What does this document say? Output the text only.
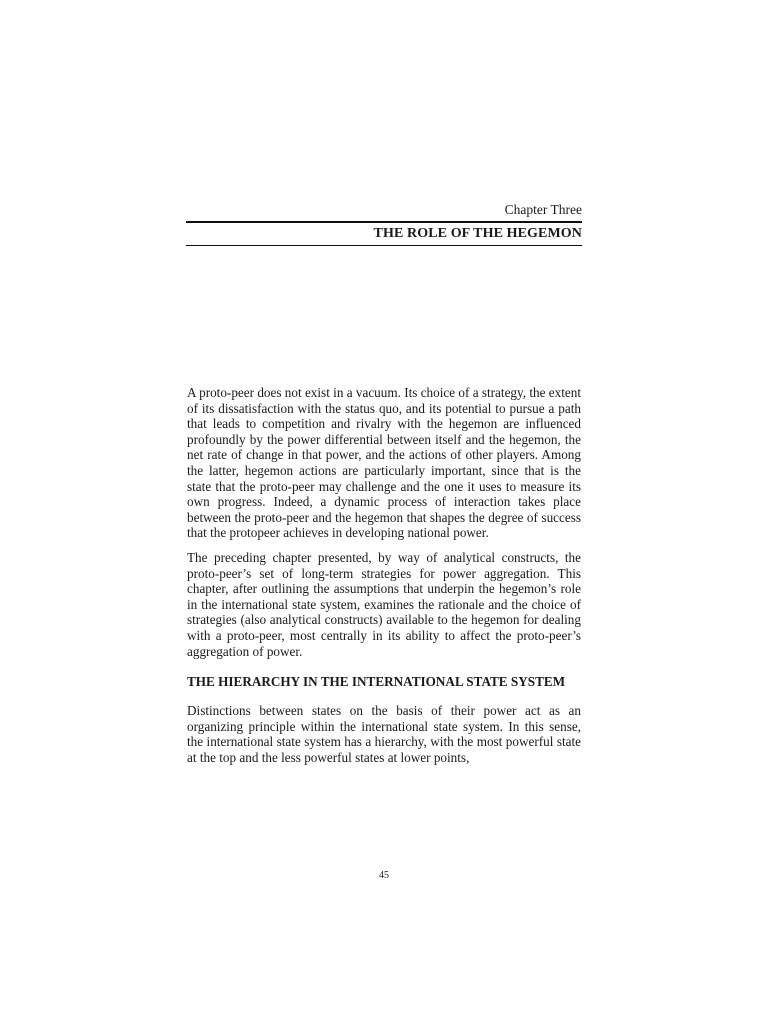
Chapter Three
THE ROLE OF THE HEGEMON

A proto-peer does not exist in a vacuum. Its choice of a strategy, the extent of its dissatisfaction with the status quo, and its potential to pursue a path that leads to competition and rivalry with the hegemon are influenced profoundly by the power differential between itself and the hegemon, the net rate of change in that power, and the actions of other players. Among the latter, hegemon actions are particularly important, since that is the state that the proto-peer may challenge and the one it uses to measure its own progress. Indeed, a dynamic process of interaction takes place between the proto-peer and the hegemon that shapes the degree of success that the protopeer achieves in developing national power.

The preceding chapter presented, by way of analytical constructs, the proto-peer’s set of long-term strategies for power aggregation. This chapter, after outlining the assumptions that underpin the hegemon’s role in the international state system, examines the rationale and the choice of strategies (also analytical constructs) available to the hegemon for dealing with a proto-peer, most centrally in its ability to affect the proto-peer’s aggregation of power.

THE HIERARCHY IN THE INTERNATIONAL STATE SYSTEM

Distinctions between states on the basis of their power act as an organizing principle within the international state system. In this sense, the international state system has a hierarchy, with the most powerful state at the top and the less powerful states at lower points,

45
